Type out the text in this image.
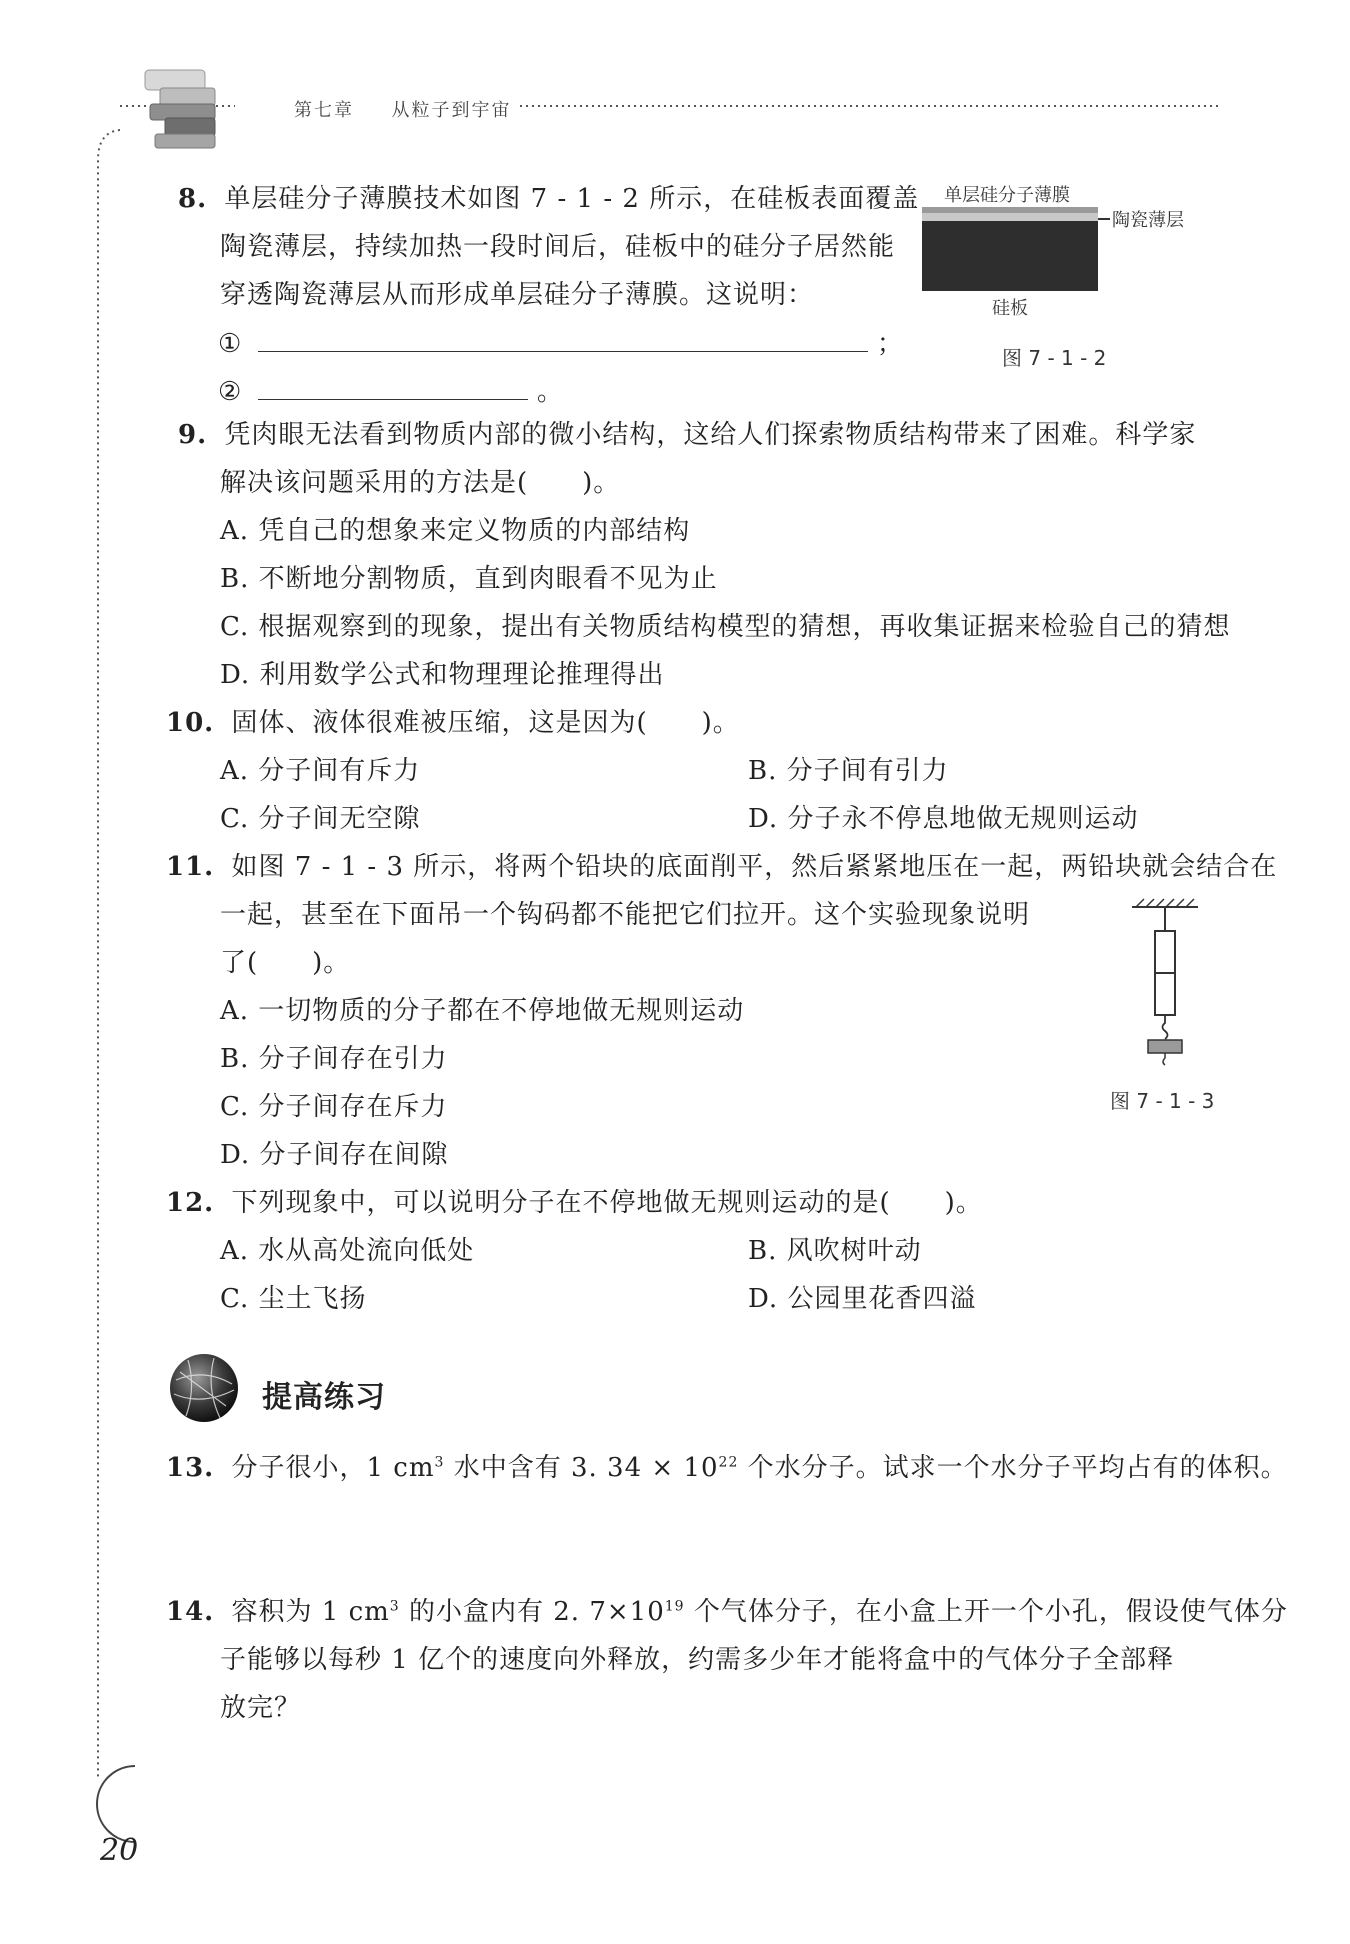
第七章 从粒子到宇宙
8. 单层硅分子薄膜技术如图 7 - 1 - 2 所示，在硅板表面覆盖
陶瓷薄层，持续加热一段时间后，硅板中的硅分子居然能
穿透陶瓷薄层从而形成单层硅分子薄膜。这说明：
①	；
②	。
单层硅分子薄膜
陶瓷薄层
硅板
图 7 - 1 - 2
9. 凭肉眼无法看到物质内部的微小结构，这给人们探索物质结构带来了困难。科学家
解决该问题采用的方法是(　　)。
A. 凭自己的想象来定义物质的内部结构
B. 不断地分割物质，直到肉眼看不见为止
C. 根据观察到的现象，提出有关物质结构模型的猜想，再收集证据来检验自己的猜想
D. 利用数学公式和物理理论推理得出
10. 固体、液体很难被压缩，这是因为(　　)。
A. 分子间有斥力	B. 分子间有引力
C. 分子间无空隙	D. 分子永不停息地做无规则运动
11. 如图 7 - 1 - 3 所示，将两个铅块的底面削平，然后紧紧地压在一起，两铅块就会结合在
一起，甚至在下面吊一个钩码都不能把它们拉开。这个实验现象说明
了(　　)。
A. 一切物质的分子都在不停地做无规则运动
B. 分子间存在引力
C. 分子间存在斥力
D. 分子间存在间隙
图 7 - 1 - 3
12. 下列现象中，可以说明分子在不停地做无规则运动的是(　　)。
A. 水从高处流向低处	B. 风吹树叶动
C. 尘土飞扬	D. 公园里花香四溢
提高练习
13. 分子很小，1 $cm^3$ 水中含有 3. $34 \times 10^{22}$ 个水分子。试求一个水分子平均占有的体积。
14. 容积为 1 $cm^3$ 的小盒内有 2. $7\times 10^{19}$ 个气体分子，在小盒上开一个小孔，假设使气体分
子能够以每秒 1 亿个的速度向外释放，约需多少年才能将盒中的气体分子全部释
放完？
20
